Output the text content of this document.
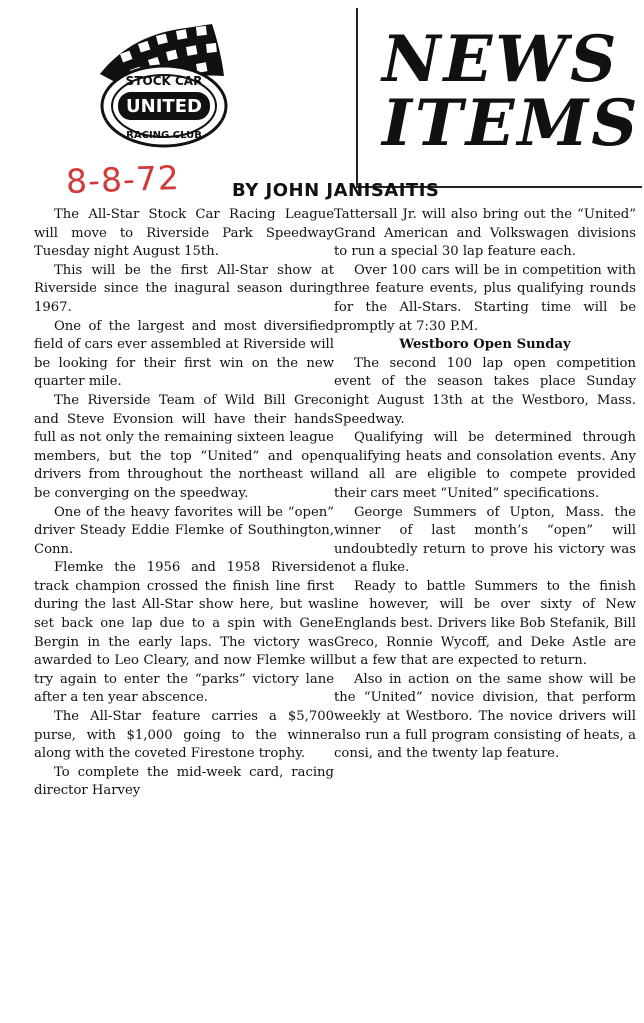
STOCK CAR
UNITED
RACING CLUB
NEWS
ITEMS
8-8-72	BY JOHN JANISAITIS

The All-Star Stock Car Racing League will move to Riverside Park Speedway Tuesday night August 15th.

This will be the first All-Star show at Riverside since the inagural season during 1967.

One of the largest and most diversified field of cars ever assembled at Riverside will be looking for their first win on the new quarter mile.

The Riverside Team of Wild Bill Greco and Steve Evonsion will have their hands full as not only the remaining sixteen league members, but the top “United” and open drivers from throughout the northeast will be converging on the speedway.

One of the heavy favorites will be “open” driver Steady Eddie Flemke of Southington, Conn.

Flemke the 1956 and 1958 Riverside track champion crossed the finish line first during the last All-Star show here, but was set back one lap due to a spin with Gene Bergin in the early laps. The victory was awarded to Leo Cleary, and now Flemke will try again to enter the “parks” victory lane after a ten year abscence.

The All-Star feature carries a $5,700 purse, with $1,000 going to the winner along with the coveted Firestone trophy.

To complete the mid-week card, racing director Harvey

Tattersall Jr. will also bring out the “United” Grand American and Volkswagen divisions to run a special 30 lap feature each.

Over 100 cars will be in competition with three feature events, plus qualifying rounds for the All-Stars. Starting time will be promptly at 7:30 P.M.

Westboro Open Sunday

The second 100 lap open competition event of the season takes place Sunday night August 13th at the Westboro, Mass. Speedway.

Qualifying will be determined through qualifying heats and consolation events. Any and all are eligible to compete provided their cars meet “United” specifications.

George Summers of Upton, Mass. the winner of last month’s “open” will undoubtedly return to prove his victory was not a fluke.

Ready to battle Summers to the finish line however, will be over sixty of New Englands best. Drivers like Bob Stefanik, Bill Greco, Ronnie Wycoff, and Deke Astle are but a few that are expected to return.

Also in action on the same show will be the “United” novice division, that perform weekly at Westboro. The novice drivers will also run a full program consisting of heats, a consi, and the twenty lap feature.
